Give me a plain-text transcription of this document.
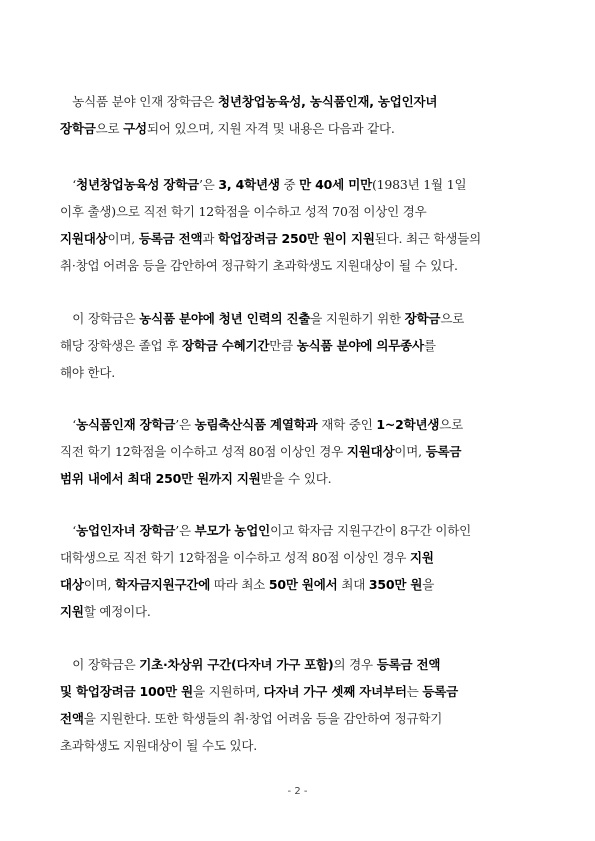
　농식품 분야 인재 장학금은 청년창업농육성, 농식품인재, 농업인자녀
장학금으로 구성되어 있으며, 지원 자격 및 내용은 다음과 같다.
　‘청년창업농육성 장학금’은 3, 4학년생 중 만 40세 미만(1983년 1월 1일
이후 출생)으로 직전 학기 12학점을 이수하고 성적 70점 이상인 경우
지원대상이며, 등록금 전액과 학업장려금 250만 원이 지원된다. 최근 학생들의
취·창업 어려움 등을 감안하여 정규학기 초과학생도 지원대상이 될 수 있다.
　이 장학금은 농식품 분야에 청년 인력의 진출을 지원하기 위한 장학금으로
해당 장학생은 졸업 후 장학금 수혜기간만큼 농식품 분야에 의무종사를
해야 한다.
　‘농식품인재 장학금’은 농림축산식품 계열학과 재학 중인 1~2학년생으로
직전 학기 12학점을 이수하고 성적 80점 이상인 경우 지원대상이며, 등록금
범위 내에서 최대 250만 원까지 지원받을 수 있다.
　‘농업인자녀 장학금’은 부모가 농업인이고 학자금 지원구간이 8구간 이하인
대학생으로 직전 학기 12학점을 이수하고 성적 80점 이상인 경우 지원
대상이며, 학자금지원구간에 따라 최소 50만 원에서 최대 350만 원을
지원할 예정이다.
　이 장학금은 기초·차상위 구간(다자녀 가구 포함)의 경우 등록금 전액
및 학업장려금 100만 원을 지원하며, 다자녀 가구 셋째 자녀부터는 등록금
전액을 지원한다. 또한 학생들의 취·창업 어려움 등을 감안하여 정규학기
초과학생도 지원대상이 될 수도 있다.
- 2 -
